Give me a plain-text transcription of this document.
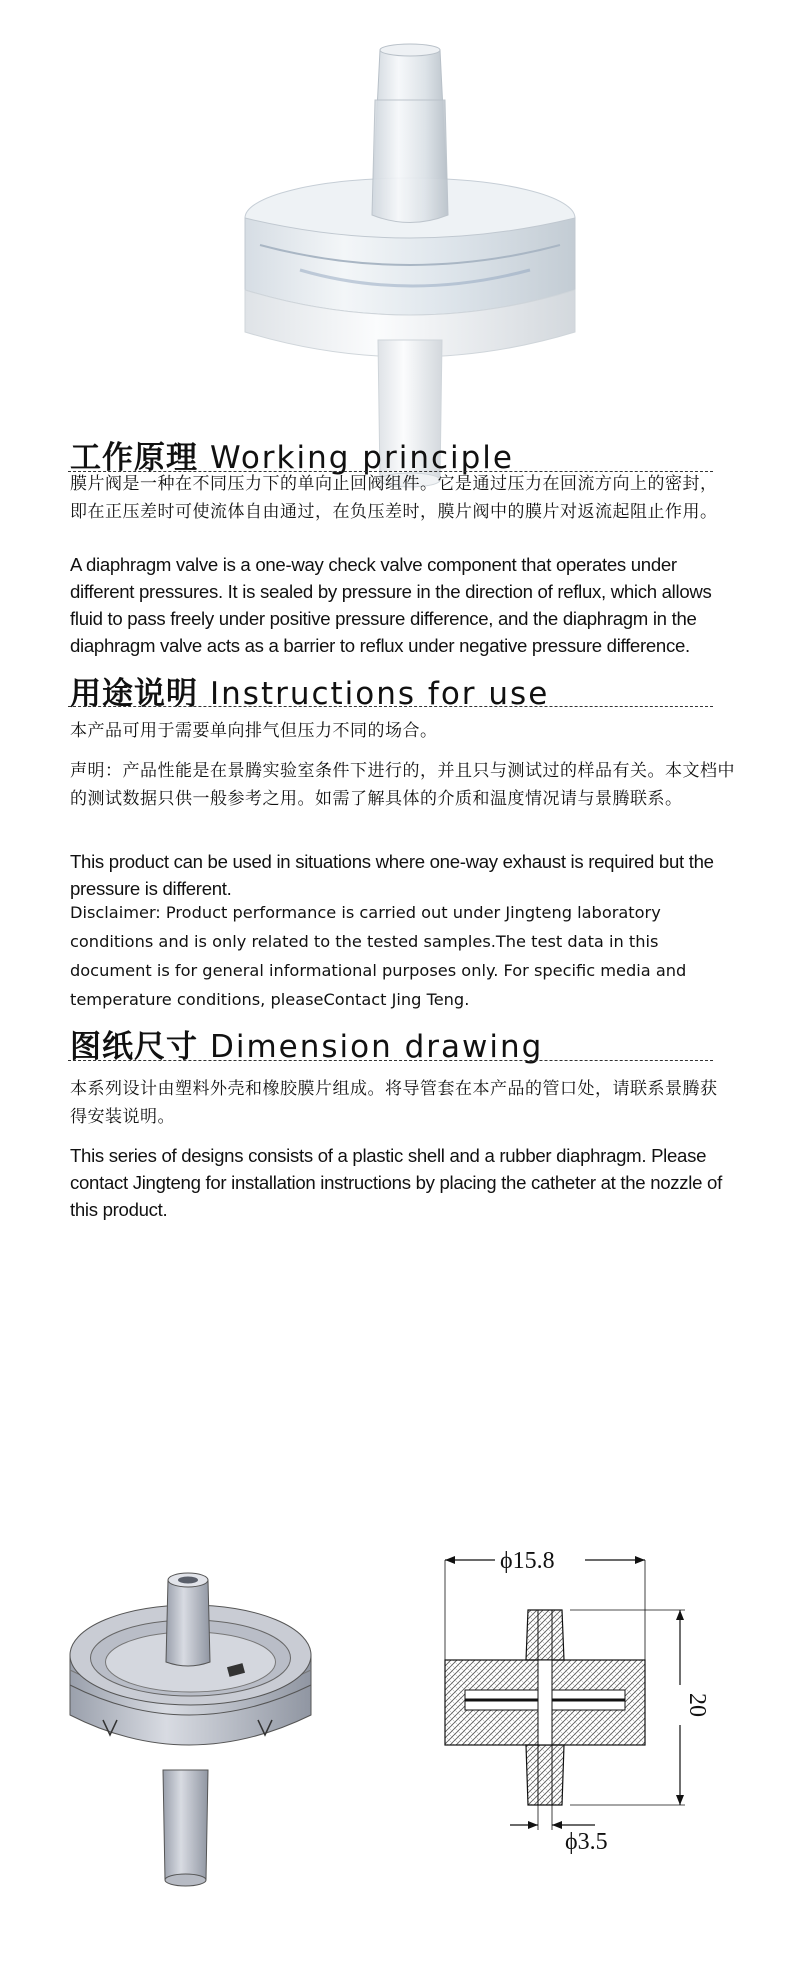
工作原理 Working principle
膜片阀是一种在不同压力下的单向止回阀组件。它是通过压力在回流方向上的密封，即在正压差时可使流体自由通过，在负压差时，膜片阀中的膜片对返流起阻止作用。
A diaphragm valve is a one-way check valve component that operates under different pressures. It is sealed by pressure in the direction of reflux, which allows fluid to pass freely under positive pressure difference, and the diaphragm in the diaphragm valve acts as a barrier to reflux under negative pressure difference.
用途说明 Instructions for use
本产品可用于需要单向排气但压力不同的场合。
声明：产品性能是在景腾实验室条件下进行的，并且只与测试过的样品有关。本文档中的测试数据只供一般参考之用。如需了解具体的介质和温度情况请与景腾联系。
This product can be used in situations where one-way exhaust is required but the pressure is different.
Disclaimer: Product performance is carried out under Jingteng laboratory conditions and is only related to the tested samples.The test data in this document is for general informational purposes only. For specific media and temperature conditions, pleaseContact Jing Teng.
图纸尺寸 Dimension drawing
本系列设计由塑料外壳和橡胶膜片组成。将导管套在本产品的管口处，请联系景腾获得安装说明。
This series of designs consists of a plastic shell and a rubber diaphragm. Please contact Jingteng for installation instructions by placing the catheter at the nozzle of this product.
ϕ15.8
20
ϕ3.5
